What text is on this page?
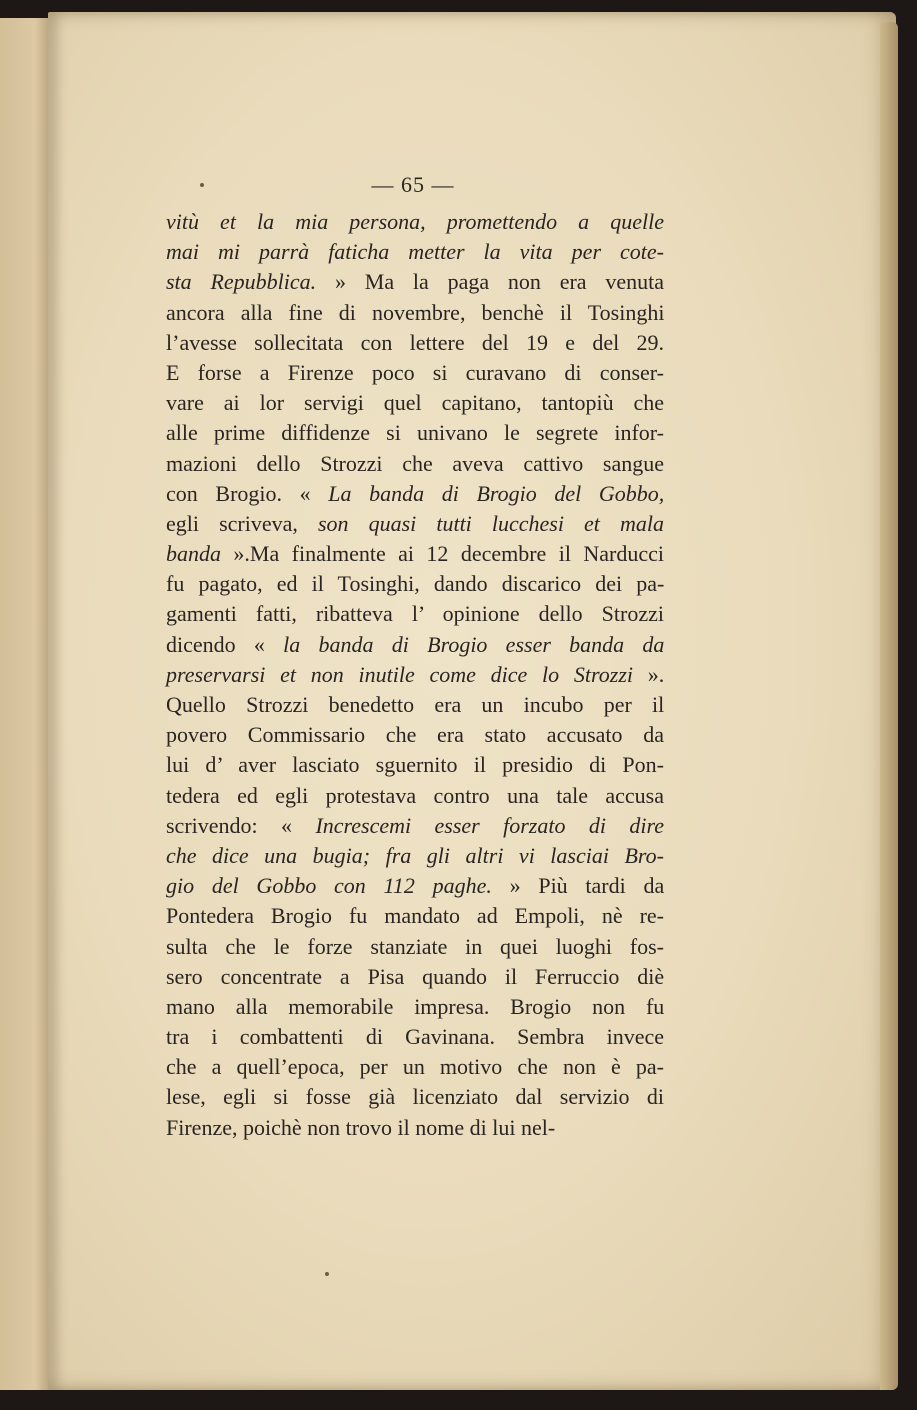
— 65 —
vitù et la mia persona, promettendo a quelle
mai mi parrà faticha metter la vita per cote-
sta Repubblica. » Ma la paga non era venuta
ancora alla fine di novembre, benchè il Tosinghi
l’avesse sollecitata con lettere del 19 e del 29.
E forse a Firenze poco si curavano di conser-
vare ai lor servigi quel capitano, tantopiù che
alle prime diffidenze si univano le segrete infor-
mazioni dello Strozzi che aveva cattivo sangue
con Brogio. « La banda di Brogio del Gobbo,
egli scriveva, son quasi tutti lucchesi et mala
banda ».Ma finalmente ai 12 decembre il Narducci
fu pagato, ed il Tosinghi, dando discarico dei pa-
gamenti fatti, ribatteva l’ opinione dello Strozzi
dicendo « la banda di Brogio esser banda da
preservarsi et non inutile come dice lo Strozzi ».
Quello Strozzi benedetto era un incubo per il
povero Commissario che era stato accusato da
lui d’ aver lasciato sguernito il presidio di Pon-
tedera ed egli protestava contro una tale accusa
scrivendo: « Increscemi esser forzato di dire
che dice una bugia; fra gli altri vi lasciai Bro-
gio del Gobbo con 112 paghe. » Più tardi da
Pontedera Brogio fu mandato ad Empoli, nè re-
sulta che le forze stanziate in quei luoghi fos-
sero concentrate a Pisa quando il Ferruccio diè
mano alla memorabile impresa. Brogio non fu
tra i combattenti di Gavinana. Sembra invece
che a quell’epoca, per un motivo che non è pa-
lese, egli si fosse già licenziato dal servizio di
Firenze, poichè non trovo il nome di lui nel-
